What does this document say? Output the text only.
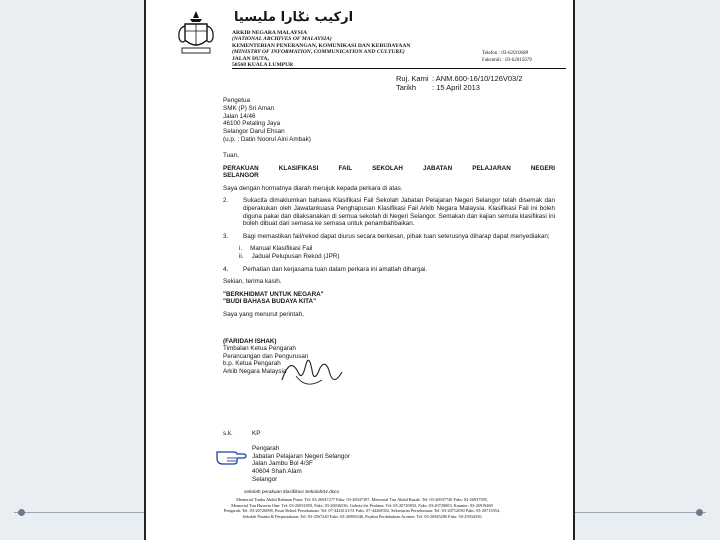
ارکيب نݢارا مليسيا
ARKIB NEGARA MALAYSIA
(NATIONAL ARCHIVES OF MALAYSIA)
KEMENTERIAN PENERANGAN, KOMUNIKASI DAN KEBUDAYAAN
(MINISTRY OF INFORMATION, COMMUNICATION AND CULTURE)
JALAN DUTA,
50568 KUALA LUMPUR
Telefon : 03-62010688
Faksimili : 03-62015679
Ruj. Kami : ANM.600-16/10/126V03/2
Tarikh : 15 April 2013
Pengetua
SMK (P) Sri Aman
Jalan 14/46
46100 Petaling Jaya
Selangor Darul Ehsan
(u.p. : Datin Noorul Aini Ambak)

Tuan,

PERAKUAN KLASIFIKASI FAIL SEKOLAH JABATAN PELAJARAN NEGERI

SELANGOR

Saya dengan hormatnya diarah merujuk kepada perkara di atas.

2.	Sukacita dimaklumkan bahawa Klasifikasi Fail Sekolah Jabatan Pelajaran Negeri Selangor telah disemak dan diperakukan oleh Jawatankuasa Penghapusan Klasifikasi Fail Arkib Negara Malaysia. Klasifikasi Fail ini boleh diguna pakai dan dilaksanakan di semua sekolah di Negeri Selangor. Semakan dan kajian semula klasifikasi ini boleh dibuat dari semasa ke semasa untuk penambahbaikan.

3.	Bagi memastikan fail/rekod dapat diurus secara berkesan, pihak tuan seterusnya diharap dapat menyediakan;

i. Manual Klasifikasi Fail

ii. Jadual Pelupusan Rekod (JPR)

4.	Perhatian dan kerjasama tuan dalam perkara ini amatlah dihargai.

Sekian, terima kasih.

"BERKHIDMAT UNTUK NEGARA"

"BUDI BAHASA BUDAYA KITA"

Saya yang menurut perintah,

(FARIDAH ISHAK)
Timbalan Ketua Pengarah
Perancangan dan Pengurusan
b.p. Ketua Pengarah
Arkib Negara Malaysia
s.k.	KP

Pengarah
Jabatan Pelajaran Negeri Selangor
Jalan Jambu Bol 4/3F
40604 Shah Alam
Selangor
sekolah perakuan klasifikasi Sekolah04.docx
Memorial Tunku Abdul Rahman Putra: Tel: 03-26947277 Faks: 03-26947387, Memorial Tun Abdul Razak: Tel: 03-26937740 Faks: 03-26937585,
Memorial Tun Hussein Onn: Tel: 03-26931850, Faks: 03-26936536, Galeria Sri Perdana: Tel: 03-20720033, Faks: 03-20720003, Kaunter: 03-26919469
Pengarah: Tel: 03-20726098, Pusat Rekod Persekutuan: Tel: 07-4426131/51 Faks: 07-44268352, Sekretariat Persekutuan: Tel: 03-20712030 Faks: 03-20713954,
Sekolah Pusaka & Perpustakaan: Tel: 03-2567240 Faks: 03-26906346, Pejabat Perdahuluan Aromet: Tel: 03-26945286 Faks: 03-25934356
